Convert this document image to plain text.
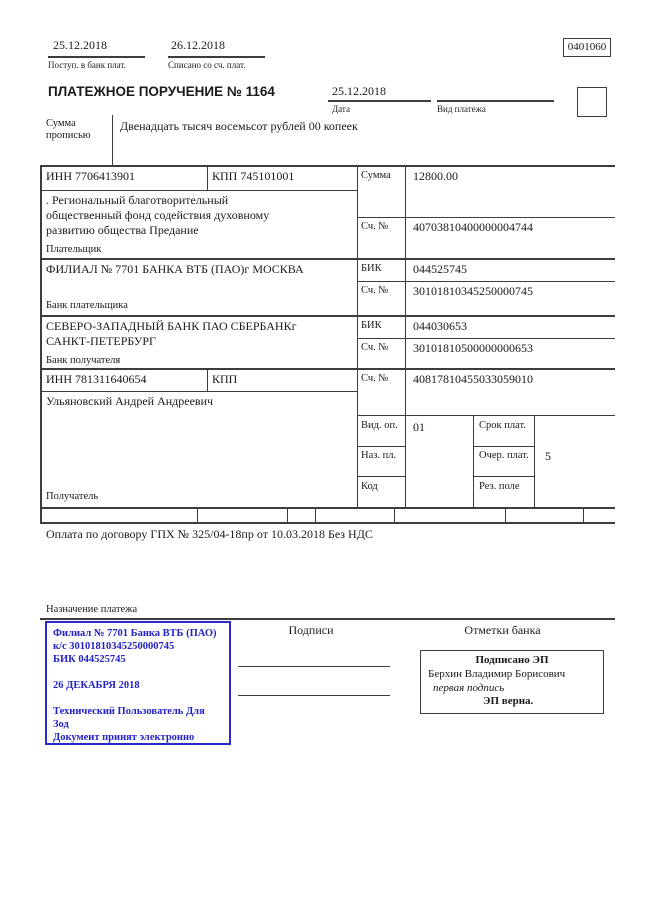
25.12.2018
Поступ. в банк плат.
26.12.2018
Списано со сч. плат.
0401060
ПЛАТЕЖНОЕ ПОРУЧЕНИЕ № 1164	25.12.2018
Дата	Вид платежа
Сумма прописью
Двенадцать тысяч восемьсот рублей 00 копеек
ИНН 7706413901	КПП 745101001	Сумма 12800.00
. Региональный благотворительный
общественный фонд содействия духовному
развитию общества Предание	Сч. № 40703810400000004744
Плательщик
ФИЛИАЛ № 7701 БАНКА ВТБ (ПАО)г МОСКВА	БИК	044525745
Сч. № 30101810345250000745
Банк плательщика
СЕВЕРО-ЗАПАДНЫЙ БАНК ПАО СБЕРБАНКг
САНКТ-ПЕТЕРБУРГ
БИК	044030653
Сч. № 30101810500000000653
Банк получателя
ИНН 781311640654	КПП	Сч. № 40817810455033059010
Ульяновский Андрей Андреевич
Вид. оп. 01	Срок плат.
Наз. пл.	Очер. плат. 5
Код	Рез. поле
Получатель
Оплата по договору ГПХ № 325/04-18пр от 10.03.2018 Без НДС
Назначение платежа
Филиал № 7701 Банка ВТБ (ПАО)
к/с 30101810345250000745
БИК 044525745
26 ДЕКАБРЯ 2018
Технический Пользователь Для
Зод
Документ принят электронно
Подписи	Отметки банка
Подписано ЭП
Берхин Владимир Борисович
первая подпись
ЭП верна.
